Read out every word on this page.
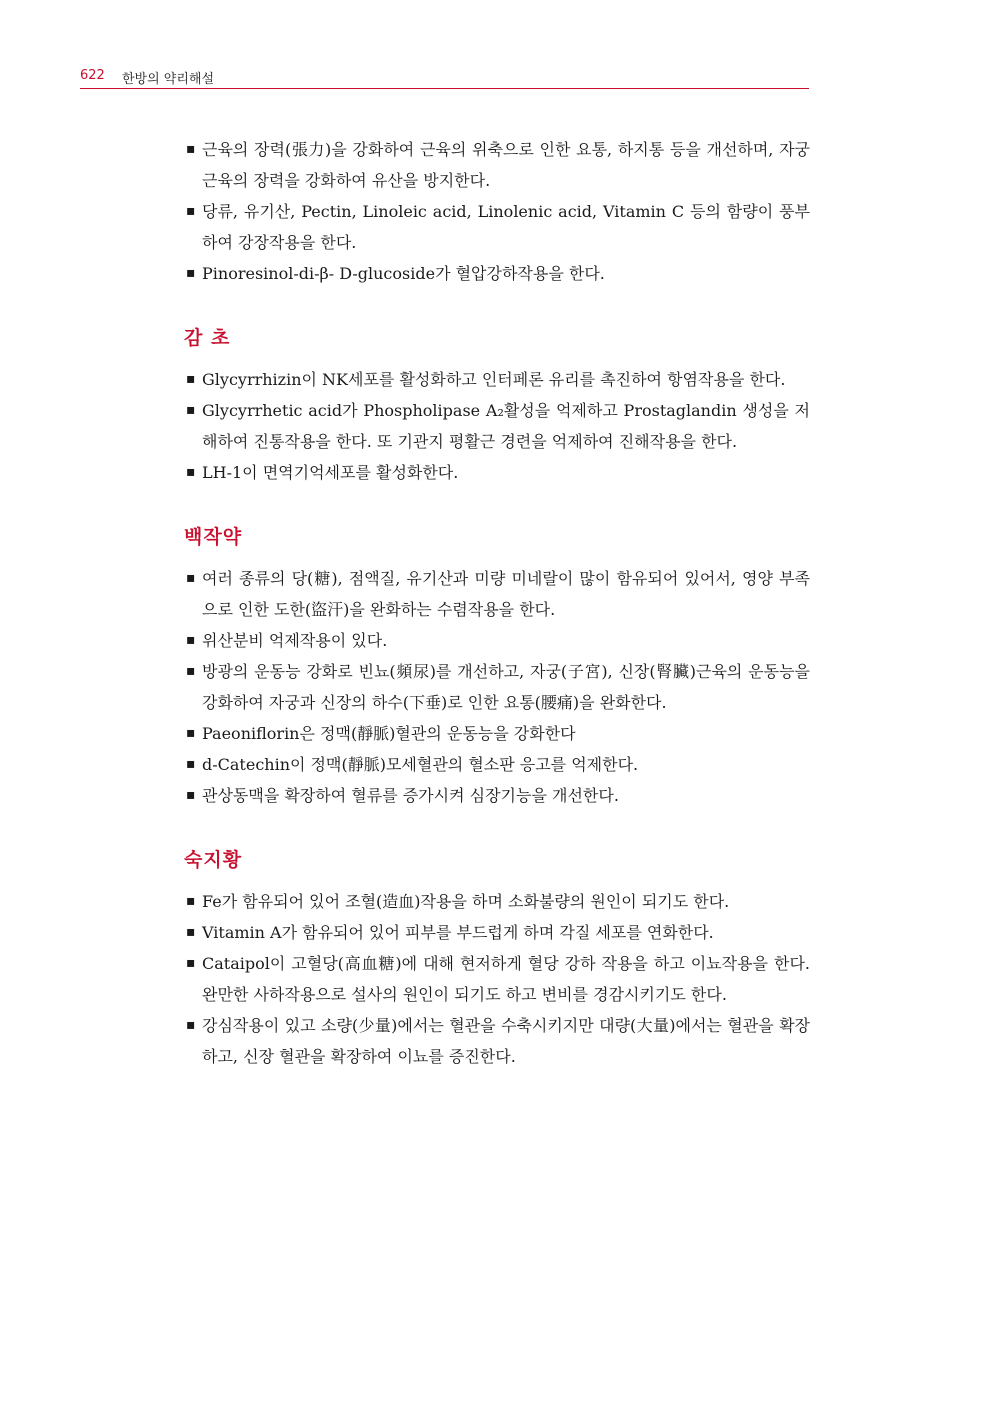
622 한방의 약리해설
▪ 근육의 장력(張力)을 강화하여 근육의 위축으로 인한 요통, 하지통 등을 개선하며, 자궁근육의 장력을 강화하여 유산을 방지한다.
▪ 당류, 유기산, Pectin, Linoleic acid, Linolenic acid, Vitamin C 등의 함량이 풍부하여 강장작용을 한다.
▪ Pinoresinol-di-β- D-glucoside가 혈압강하작용을 한다.
감 초
▪ Glycyrrhizin이 NK세포를 활성화하고 인터페론 유리를 촉진하여 항염작용을 한다.
▪ Glycyrrhetic acid가 Phospholipase A₂활성을 억제하고 Prostaglandin 생성을 저해하여 진통작용을 한다. 또 기관지 평활근 경련을 억제하여 진해작용을 한다.
▪ LH-1이 면역기억세포를 활성화한다.
백작약
▪ 여러 종류의 당(糖), 점액질, 유기산과 미량 미네랄이 많이 함유되어 있어서, 영양 부족으로 인한 도한(盜汗)을 완화하는 수렴작용을 한다.
▪ 위산분비 억제작용이 있다.
▪ 방광의 운동능 강화로 빈뇨(頻尿)를 개선하고, 자궁(子宮), 신장(腎臟)근육의 운동능을 강화하여 자궁과 신장의 하수(下垂)로 인한 요통(腰痛)을 완화한다.
▪ Paeoniflorin은 정맥(靜脈)혈관의 운동능을 강화한다
▪ d-Catechin이 정맥(靜脈)모세혈관의 혈소판 응고를 억제한다.
▪ 관상동맥을 확장하여 혈류를 증가시켜 심장기능을 개선한다.
숙지황
▪ Fe가 함유되어 있어 조혈(造血)작용을 하며 소화불량의 원인이 되기도 한다.
▪ Vitamin A가 함유되어 있어 피부를 부드럽게 하며 각질 세포를 연화한다.
▪ Cataipol이 고혈당(高血糖)에 대해 현저하게 혈당 강하 작용을 하고 이뇨작용을 한다. 완만한 사하작용으로 설사의 원인이 되기도 하고 변비를 경감시키기도 한다.
▪ 강심작용이 있고 소량(少量)에서는 혈관을 수축시키지만 대량(大量)에서는 혈관을 확장하고, 신장 혈관을 확장하여 이뇨를 증진한다.
